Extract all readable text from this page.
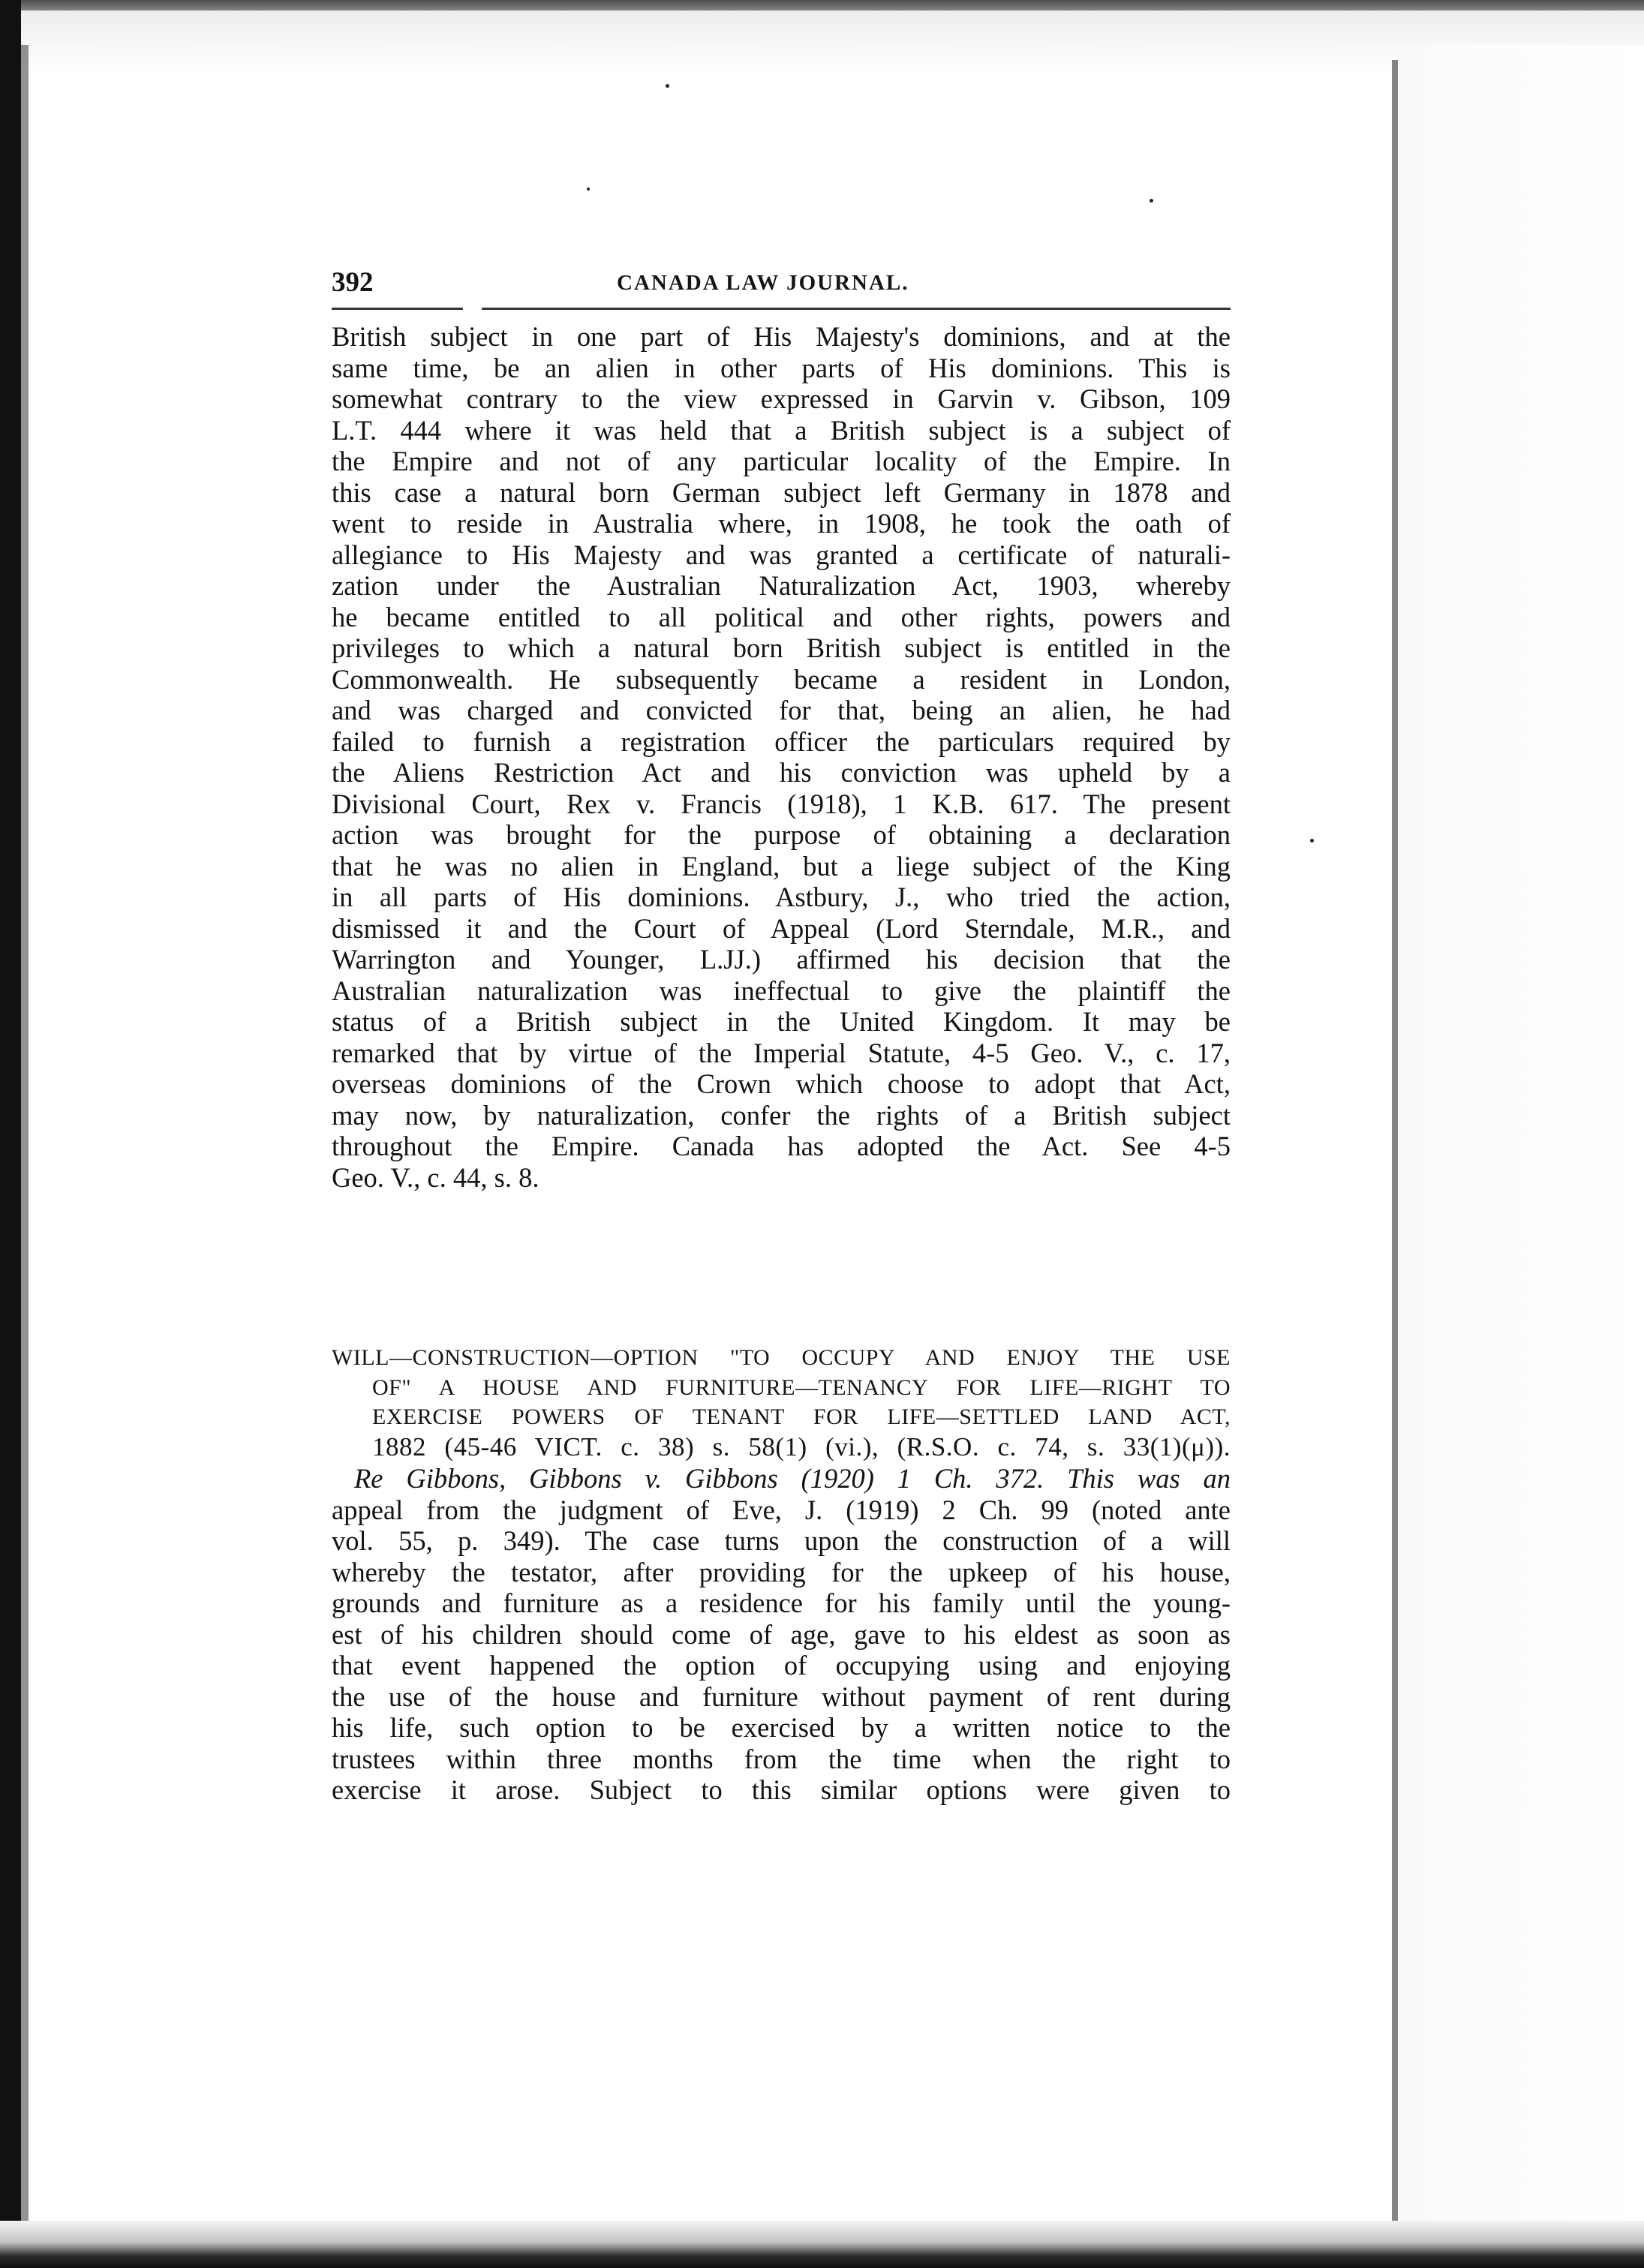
392	CANADA LAW JOURNAL.
British subject in one part of His Majesty's dominions, and at the
same time, be an alien in other parts of His dominions. This is
somewhat contrary to the view expressed in Garvin v. Gibson, 109
L.T. 444 where it was held that a British subject is a subject of
the Empire and not of any particular locality of the Empire. In
this case a natural born German subject left Germany in 1878 and
went to reside in Australia where, in 1908, he took the oath of
allegiance to His Majesty and was granted a certificate of naturali-
zation under the Australian Naturalization Act, 1903, whereby
he became entitled to all political and other rights, powers and
privileges to which a natural born British subject is entitled in the
Commonwealth. He subsequently became a resident in London,
and was charged and convicted for that, being an alien, he had
failed to furnish a registration officer the particulars required by
the Aliens Restriction Act and his conviction was upheld by a
Divisional Court, Rex v. Francis (1918), 1 K.B. 617. The present
action was brought for the purpose of obtaining a declaration
that he was no alien in England, but a liege subject of the King
in all parts of His dominions. Astbury, J., who tried the action,
dismissed it and the Court of Appeal (Lord Sterndale, M.R., and
Warrington and Younger, L.JJ.) affirmed his decision that the
Australian naturalization was ineffectual to give the plaintiff the
status of a British subject in the United Kingdom. It may be
remarked that by virtue of the Imperial Statute, 4-5 Geo. V., c. 17,
overseas dominions of the Crown which choose to adopt that Act,
may now, by naturalization, confer the rights of a British subject
throughout the Empire. Canada has adopted the Act. See 4-5
Geo. V., c. 44, s. 8.
WILL—CONSTRUCTION—OPTION "TO OCCUPY AND ENJOY THE USE
OF" A HOUSE AND FURNITURE—TENANCY FOR LIFE—RIGHT TO
EXERCISE POWERS OF TENANT FOR LIFE—SETTLED LAND ACT,
1882 (45-46 VICT. c. 38) s. 58(1) (vi.), (R.S.O. c. 74, s. 33(1)(μ)).
Re Gibbons, Gibbons v. Gibbons (1920) 1 Ch. 372. This was an
appeal from the judgment of Eve, J. (1919) 2 Ch. 99 (noted ante
vol. 55, p. 349). The case turns upon the construction of a will
whereby the testator, after providing for the upkeep of his house,
grounds and furniture as a residence for his family until the young-
est of his children should come of age, gave to his eldest as soon as
that event happened the option of occupying using and enjoying
the use of the house and furniture without payment of rent during
his life, such option to be exercised by a written notice to the
trustees within three months from the time when the right to
exercise it arose. Subject to this similar options were given to
